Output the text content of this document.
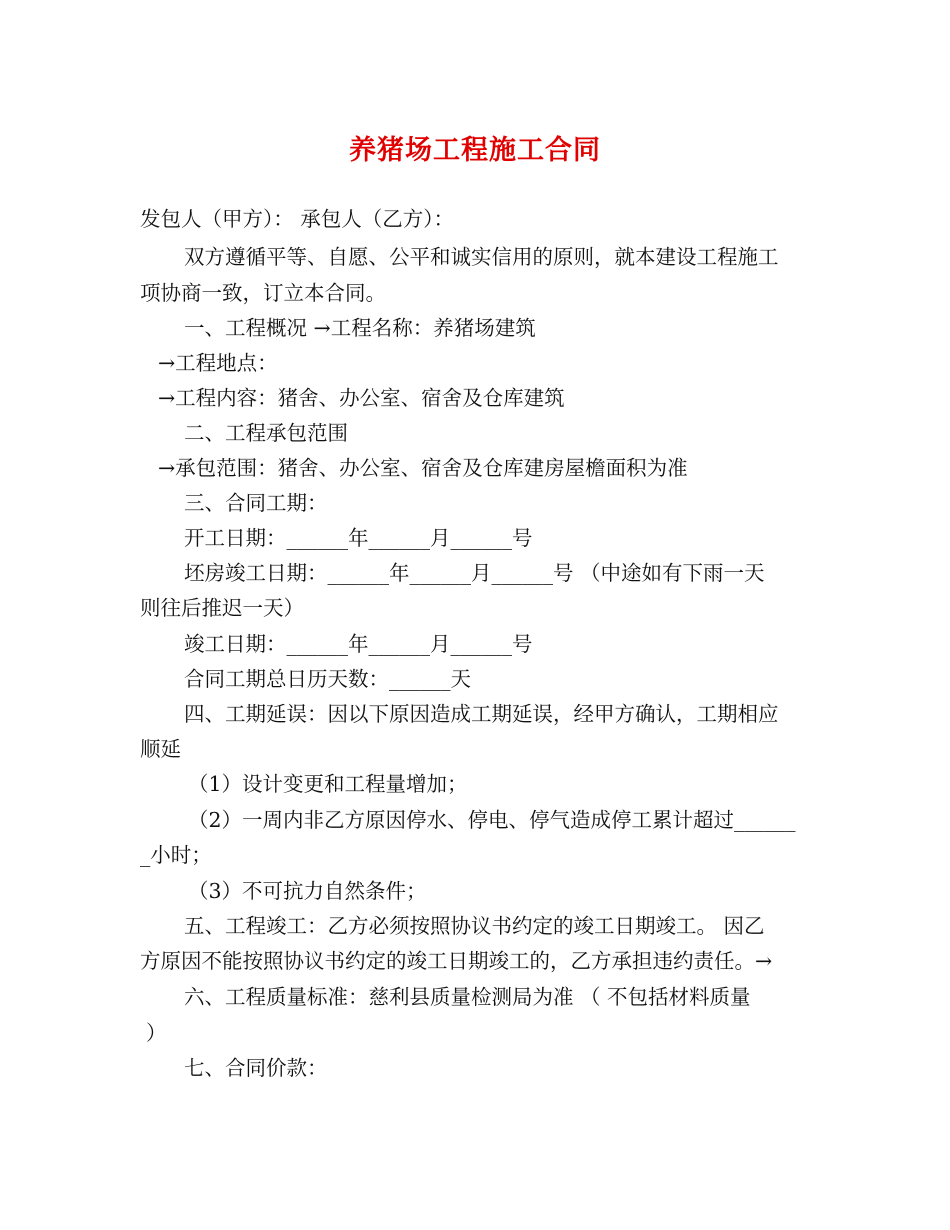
养猪场工程施工合同
发包人（甲方）： 承包人（乙方）：
双方遵循平等、自愿、公平和诚实信用的原则，就本建设工程施工
项协商一致，订立本合同。
一、工程概况 →工程名称：养猪场建筑
→工程地点：
→工程内容：猪舍、办公室、宿舍及仓库建筑
二、工程承包范围
→承包范围：猪舍、办公室、宿舍及仓库建房屋檐面积为准
三、合同工期：
开工日期：______年______月______号
坯房竣工日期：______年______月______号 （中途如有下雨一天
则往后推迟一天）
竣工日期：______年______月______号
合同工期总日历天数：______天
四、工期延误：因以下原因造成工期延误，经甲方确认，工期相应
顺延
（1）设计变更和工程量增加；
（2）一周内非乙方原因停水、停电、停气造成停工累计超过______
_小时；
（3）不可抗力自然条件；
五、工程竣工：乙方必须按照协议书约定的竣工日期竣工。 因乙
方原因不能按照协议书约定的竣工日期竣工的，乙方承担违约责任。→
六、工程质量标准：慈利县质量检测局为准 （ 不包括材料质量
）
七、合同价款：
